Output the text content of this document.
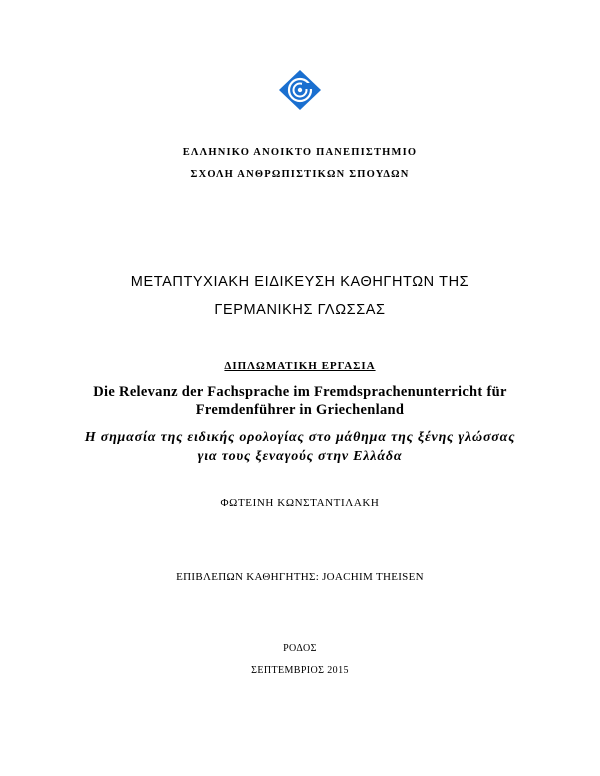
ΕΛΛΗΝΙΚΟ ΑΝΟΙΚΤΟ ΠΑΝΕΠΙΣΤΗΜΙΟ
ΣΧΟΛΗ ΑΝΘΡΩΠΙΣΤΙΚΩΝ ΣΠΟΥΔΩΝ
ΜΕΤΑΠΤΥΧΙΑΚΗ ΕΙΔΙΚΕΥΣΗ ΚΑΘΗΓΗΤΩΝ ΤΗΣ
ΓΕΡΜΑΝΙΚΗΣ ΓΛΩΣΣΑΣ
ΔΙΠΛΩΜΑΤΙΚΗ ΕΡΓΑΣΙΑ
Die Relevanz der Fachsprache im Fremdsprachenunterricht für
Fremdenführer in Griechenland
Η σημασία της ειδικής ορολογίας στο μάθημα της ξένης γλώσσας
για τους ξεναγούς στην Ελλάδα
ΦΩΤΕΙΝΗ ΚΩΝΣΤΑΝΤΙΛΑΚΗ
ΕΠΙΒΛΕΠΩΝ ΚΑΘΗΓΗΤΗΣ: JOACHIM THEISEN
ΡΟΔΟΣ
ΣΕΠΤΕΜΒΡΙΟΣ 2015
